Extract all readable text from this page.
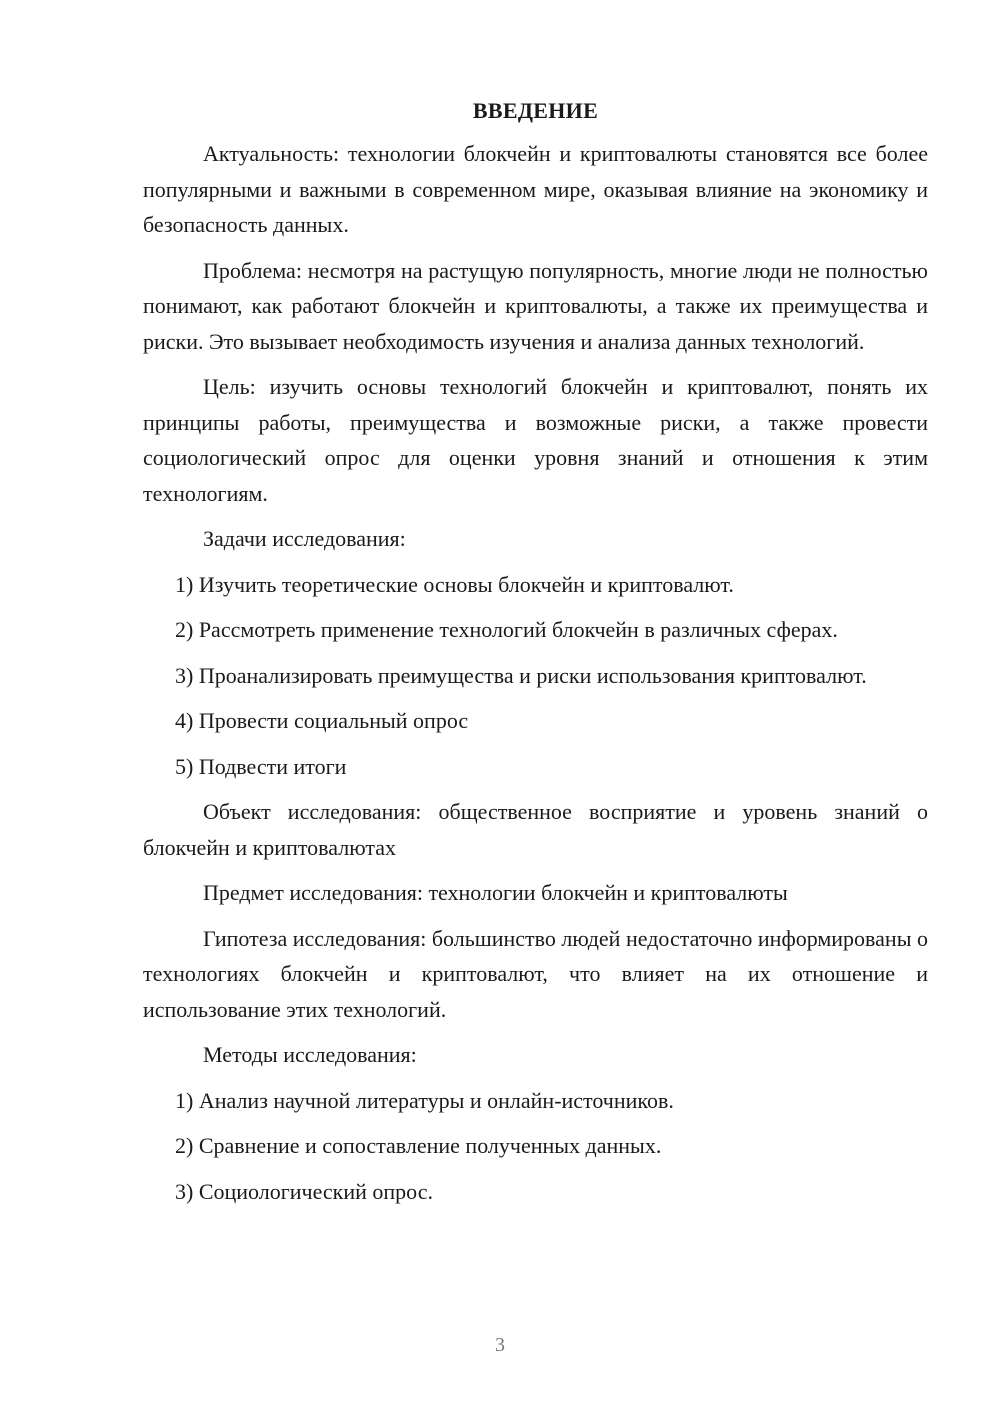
ВВЕДЕНИЕ

Актуальность: технологии блокчейн и криптовалюты становятся все более популярными и важными в современном мире, оказывая влияние на экономику и безопасность данных.

Проблема: несмотря на растущую популярность, многие люди не полностью понимают, как работают блокчейн и криптовалюты, а также их преимущества и риски. Это вызывает необходимость изучения и анализа данных технологий.

Цель: изучить основы технологий блокчейн и криптовалют, понять их принципы работы, преимущества и возможные риски, а также провести социологический опрос для оценки уровня знаний и отношения к этим технологиям.

Задачи исследования:

1) Изучить теоретические основы блокчейн и криптовалют.

2) Рассмотреть применение технологий блокчейн в различных сферах.

3) Проанализировать преимущества и риски использования криптовалют.

4) Провести социальный опрос

5) Подвести итоги

Объект исследования: общественное восприятие и уровень знаний о блокчейн и криптовалютах

Предмет исследования: технологии блокчейн и криптовалюты

Гипотеза исследования: большинство людей недостаточно информированы о технологиях блокчейн и криптовалют, что влияет на их отношение и использование этих технологий.

Методы исследования:

1) Анализ научной литературы и онлайн-источников.

2) Сравнение и сопоставление полученных данных.

3) Социологический опрос.

3
